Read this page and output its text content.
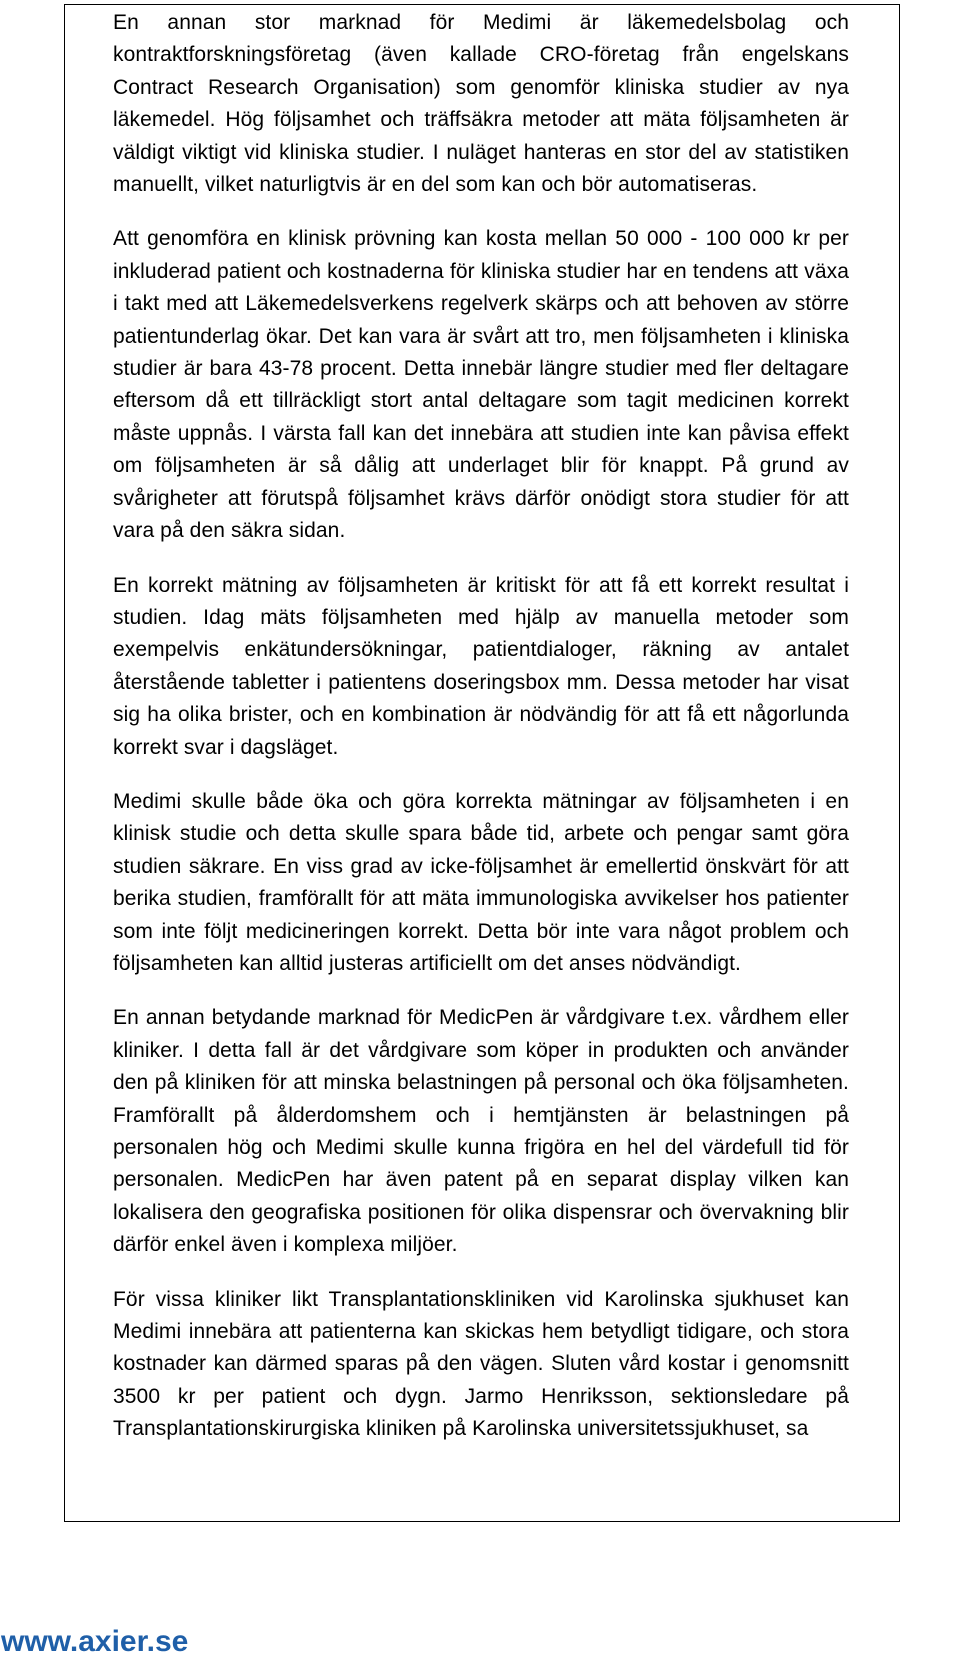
En annan stor marknad för Medimi är läkemedelsbolag och kontraktforskningsföretag (även kallade CRO-företag från engelskans Contract Research Organisation) som genomför kliniska studier av nya läkemedel. Hög följsamhet och träffsäkra metoder att mäta följsamheten är väldigt viktigt vid kliniska studier. I nuläget hanteras en stor del av statistiken manuellt, vilket naturligtvis är en del som kan och bör automatiseras.

Att genomföra en klinisk prövning kan kosta mellan 50 000 - 100 000 kr per inkluderad patient och kostnaderna för kliniska studier har en tendens att växa i takt med att Läkemedelsverkens regelverk skärps och att behoven av större patientunderlag ökar. Det kan vara är svårt att tro, men följsamheten i kliniska studier är bara 43-78 procent. Detta innebär längre studier med fler deltagare eftersom då ett tillräckligt stort antal deltagare som tagit medicinen korrekt måste uppnås. I värsta fall kan det innebära att studien inte kan påvisa effekt om följsamheten är så dålig att underlaget blir för knappt. På grund av svårigheter att förutspå följsamhet krävs därför onödigt stora studier för att vara på den säkra sidan.

En korrekt mätning av följsamheten är kritiskt för att få ett korrekt resultat i studien. Idag mäts följsamheten med hjälp av manuella metoder som exempelvis enkätundersökningar, patientdialoger, räkning av antalet återstående tabletter i patientens doseringsbox mm. Dessa metoder har visat sig ha olika brister, och en kombination är nödvändig för att få ett någorlunda korrekt svar i dagsläget.

Medimi skulle både öka och göra korrekta mätningar av följsamheten i en klinisk studie och detta skulle spara både tid, arbete och pengar samt göra studien säkrare. En viss grad av icke-följsamhet är emellertid önskvärt för att berika studien, framförallt för att mäta immunologiska avvikelser hos patienter som inte följt medicineringen korrekt. Detta bör inte vara något problem och följsamheten kan alltid justeras artificiellt om det anses nödvändigt.

En annan betydande marknad för MedicPen är vårdgivare t.ex. vårdhem eller kliniker. I detta fall är det vårdgivare som köper in produkten och använder den på kliniken för att minska belastningen på personal och öka följsamheten. Framförallt på ålderdomshem och i hemtjänsten är belastningen på personalen hög och Medimi skulle kunna frigöra en hel del värdefull tid för personalen. MedicPen har även patent på en separat display vilken kan lokalisera den geografiska positionen för olika dispensrar och övervakning blir därför enkel även i komplexa miljöer.

För vissa kliniker likt Transplantationskliniken vid Karolinska sjukhuset kan Medimi innebära att patienterna kan skickas hem betydligt tidigare, och stora kostnader kan därmed sparas på den vägen. Sluten vård kostar i genomsnitt 3500 kr per patient och dygn. Jarmo Henriksson, sektionsledare på Transplantationskirurgiska kliniken på Karolinska universitetssjukhuset, sa

www.axier.se
